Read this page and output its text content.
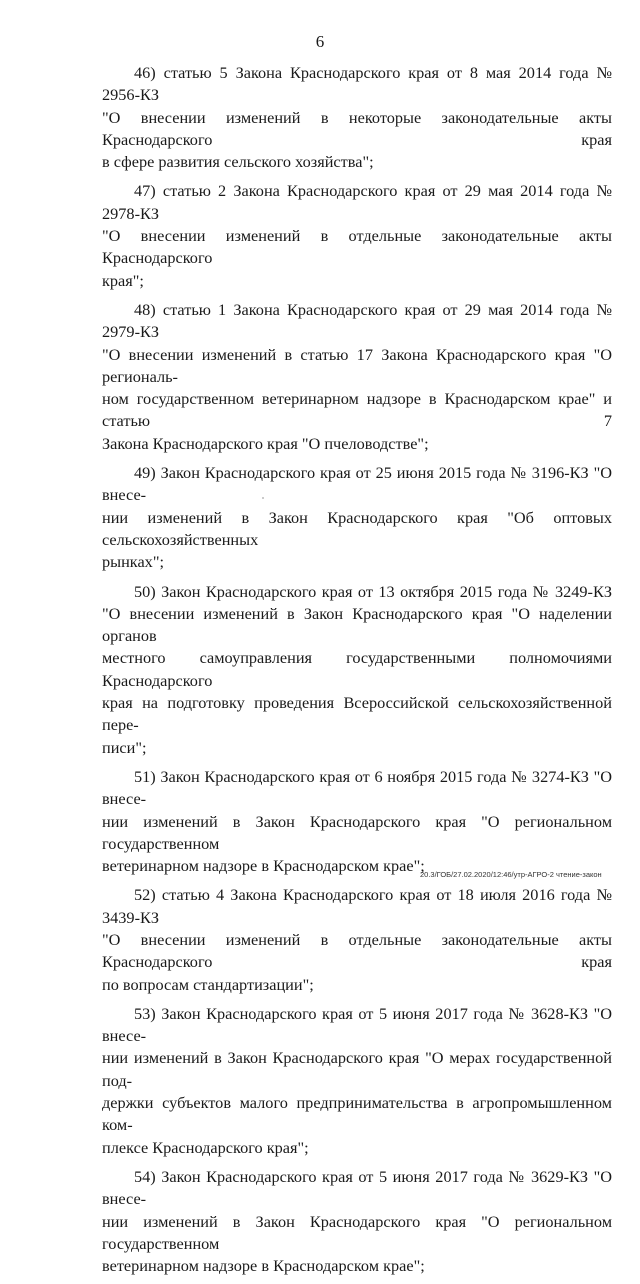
6
46) статью 5 Закона Краснодарского края от 8 мая 2014 года № 2956-КЗ
"О внесении изменений в некоторые законодательные акты Краснодарского края
в сфере развития сельского хозяйства";
47) статью 2 Закона Краснодарского края от 29 мая 2014 года № 2978-КЗ
"О внесении изменений в отдельные законодательные акты Краснодарского
края";
48) статью 1 Закона Краснодарского края от 29 мая 2014 года № 2979-КЗ
"О внесении изменений в статью 17 Закона Краснодарского края "О региональ-
ном государственном ветеринарном надзоре в Краснодарском крае" и статью 7
Закона Краснодарского края "О пчеловодстве";
49) Закон Краснодарского края от 25 июня 2015 года № 3196-КЗ "О внесе-
нии изменений в Закон Краснодарского края "Об оптовых сельскохозяйственных
рынках";
50) Закон Краснодарского края от 13 октября 2015 года № 3249-КЗ
"О внесении изменений в Закон Краснодарского края "О наделении органов
местного самоуправления государственными полномочиями Краснодарского
края на подготовку проведения Всероссийской сельскохозяйственной пере-
писи";
51) Закон Краснодарского края от 6 ноября 2015 года № 3274-КЗ "О внесе-
нии изменений в Закон Краснодарского края "О региональном государственном
ветеринарном надзоре в Краснодарском крае";
52) статью 4 Закона Краснодарского края от 18 июля 2016 года № 3439-КЗ
"О внесении изменений в отдельные законодательные акты Краснодарского края
по вопросам стандартизации";
53) Закон Краснодарского края от 5 июня 2017 года № 3628-КЗ "О внесе-
нии изменений в Закон Краснодарского края "О мерах государственной под-
держки субъектов малого предпринимательства в агропромышленном ком-
плексе Краснодарского края";
54) Закон Краснодарского края от 5 июня 2017 года № 3629-КЗ "О внесе-
нии изменений в Закон Краснодарского края "О региональном государственном
ветеринарном надзоре в Краснодарском крае";
20.3/ГОБ/27.02.2020/12:46/утр-АГРО-2 чтение-закон
